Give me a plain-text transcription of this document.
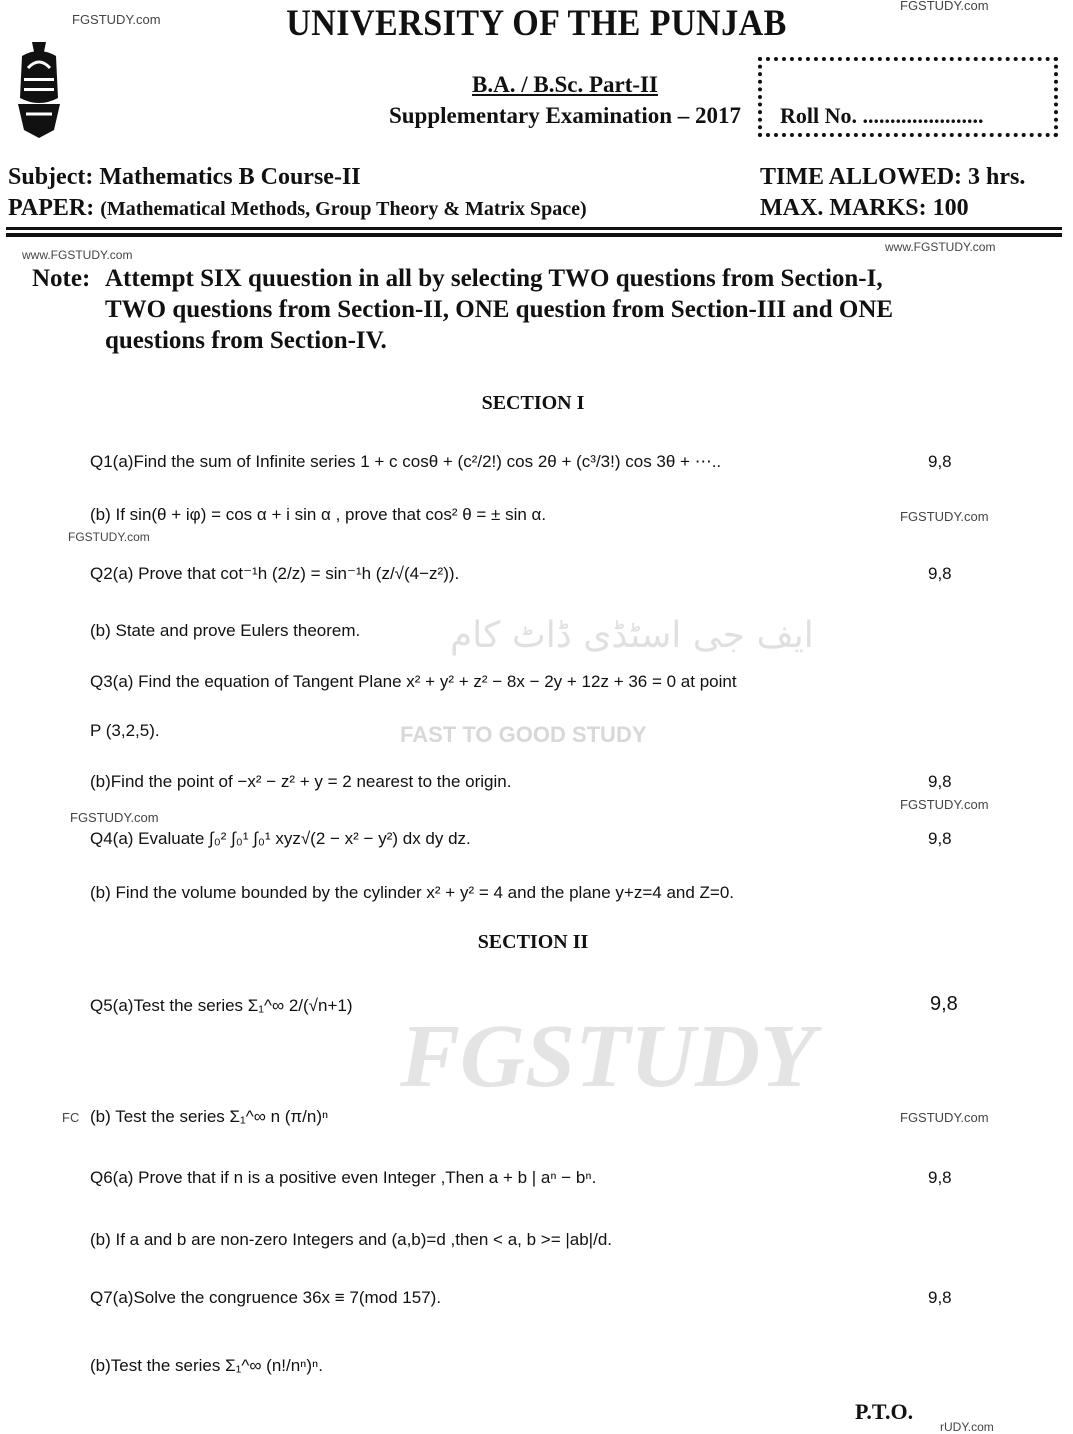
FGSTUDY
ایف جی اسٹڈی ڈاٹ کام
FAST TO GOOD STUDY
FGSTUDY.com
FGSTUDY.com
UNIVERSITY OF THE PUNJAB
B.A. / B.Sc. Part-II
Supplementary Examination – 2017	Roll No. ......................
Subject: Mathematics B Course-II	TIME ALLOWED: 3 hrs.
PAPER: (Mathematical Methods, Group Theory & Matrix Space)	MAX. MARKS: 100
www.FGSTUDY.com
www.FGSTUDY.com
Note: Attempt SIX quuestion in all by selecting TWO questions from Section-I,
TWO questions from Section-II, ONE question from Section-III and ONE
questions from Section-IV.
SECTION I
Q1(a)Find the sum of Infinite series 1 + c cosθ + (c²/2!) cos 2θ + (c³/3!) cos 3θ + ⋯..	9,8
(b) If sin(θ + iφ) = cos α + i sin α , prove that cos² θ = ± sin α.	FGSTUDY.com
FGSTUDY.com
Q2(a) Prove that cot⁻¹h (2/z) = sin⁻¹h (z/√(4−z²)).	9,8
(b) State and prove Eulers theorem.
Q3(a) Find the equation of Tangent Plane x² + y² + z² − 8x − 2y + 12z + 36 = 0 at point
P (3,2,5).
(b)Find the point of −x² − z² + y = 2 nearest to the origin.	9,8
FGSTUDY.com
FGSTUDY.com
Q4(a) Evaluate ∫₀² ∫₀¹ ∫₀¹ xyz√(2 − x² − y²) dx dy dz.	9,8
(b) Find the volume bounded by the cylinder x² + y² = 4 and the plane y+z=4 and Z=0.
SECTION II
Q5(a)Test the series Σ₁^∞ 2/(√n+1)	9,8
FGSTUDY.com
FC (b) Test the series Σ₁^∞ n (π/n)ⁿ
Q6(a) Prove that if n is a positive even Integer ,Then a + b | aⁿ − bⁿ.	9,8
(b) If a and b are non-zero Integers and (a,b)=d ,then < a, b >= |ab|/d.
Q7(a)Solve the congruence 36x ≡ 7(mod 157).	9,8
(b)Test the series Σ₁^∞ (n!/nⁿ)ⁿ.
P.T.O.
rUDY.com
